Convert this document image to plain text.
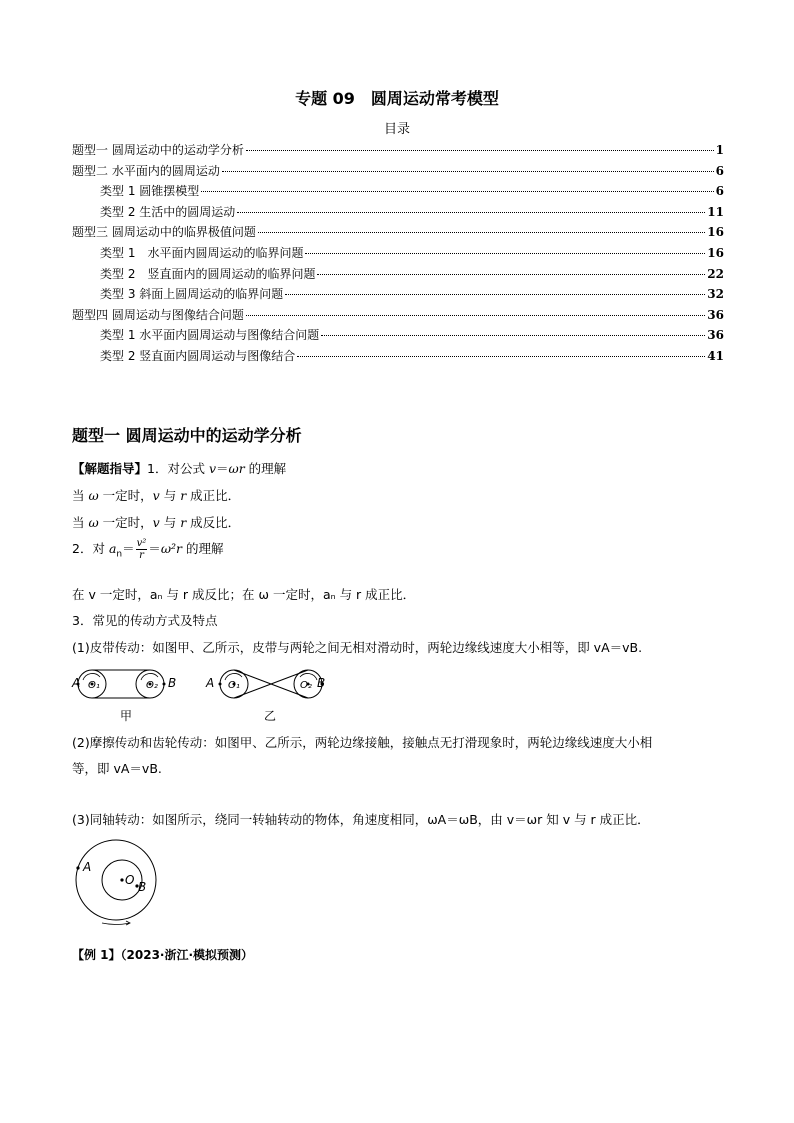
专题 09　圆周运动常考模型
目录
题型一 圆周运动中的运动学分析	1
题型二 水平面内的圆周运动	6
类型 1 圆锥摆模型	6
类型 2 生活中的圆周运动	11
题型三 圆周运动中的临界极值问题	16
类型 1　水平面内圆周运动的临界问题	16
类型 2　竖直面内的圆周运动的临界问题	22
类型 3 斜面上圆周运动的临界问题	32
题型四 圆周运动与图像结合问题	36
类型 1 水平面内圆周运动与图像结合问题	36
类型 2 竖直面内圆周运动与图像结合	41
题型一 圆周运动中的运动学分析
【解题指导】1．对公式 v＝ωr 的理解
当 ω 一定时，v 与 r 成正比．
当 ω 一定时，v 与 r 成反比．
2．对 $a_n= \frac{\text{v²}}{r} =\omega^2r$ 的理解
在 v 一定时，aₙ 与 r 成反比；在 ω 一定时，aₙ 与 r 成正比．
3．常见的传动方式及特点
(1)皮带传动：如图甲、乙所示，皮带与两轮之间无相对滑动时，两轮边缘线速度大小相等，即 vA＝vB.
A	B
O₁	O₂
甲
A	B
O₁	O₂
乙
(2)摩擦传动和齿轮传动：如图甲、乙所示，两轮边缘接触，接触点无打滑现象时，两轮边缘线速度大小相
等，即 vA＝vB.
(3)同轴转动：如图所示，绕同一转轴转动的物体，角速度相同，ωA＝ωB，由 v＝ωr 知 v 与 r 成正比．
A
O B
【例 1】（2023·浙江·模拟预测）
